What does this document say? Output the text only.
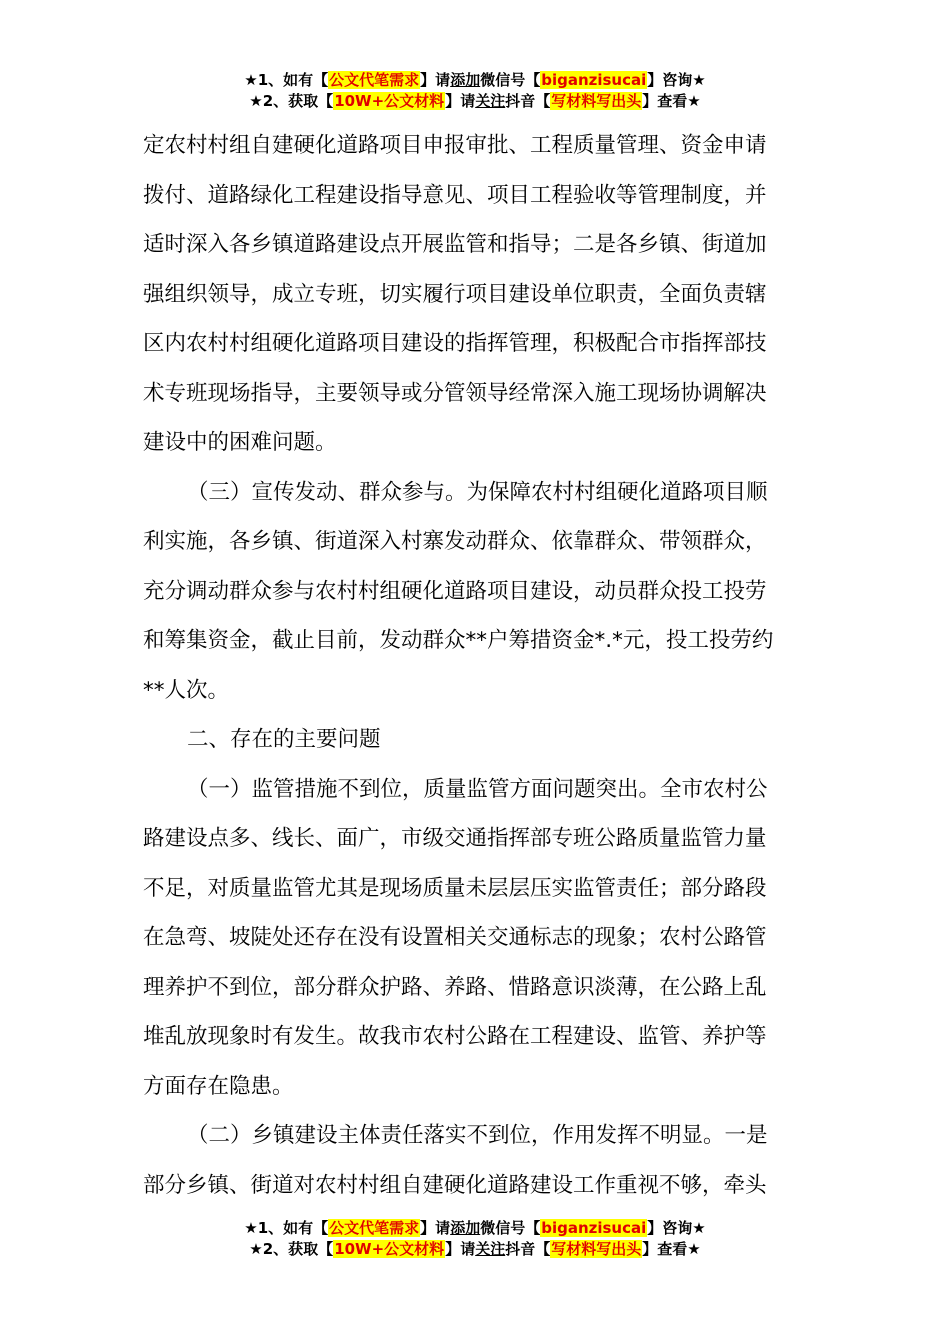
★1、如有【公文代笔需求】请添加微信号【biganzisucai】咨询★
★2、获取【10W+公文材料】请关注抖音【写材料写出头】查看★

定农村村组自建硬化道路项目申报审批、工程质量管理、资金申请
拨付、道路绿化工程建设指导意见、项目工程验收等管理制度，并
适时深入各乡镇道路建设点开展监管和指导；二是各乡镇、街道加
强组织领导，成立专班，切实履行项目建设单位职责，全面负责辖
区内农村村组硬化道路项目建设的指挥管理，积极配合市指挥部技
术专班现场指导，主要领导或分管领导经常深入施工现场协调解决
建设中的困难问题。

（三）宣传发动、群众参与。为保障农村村组硬化道路项目顺
利实施，各乡镇、街道深入村寨发动群众、依靠群众、带领群众，
充分调动群众参与农村村组硬化道路项目建设，动员群众投工投劳
和筹集资金，截止目前，发动群众**户筹措资金*.*元，投工投劳约
**人次。

二、存在的主要问题

（一）监管措施不到位，质量监管方面问题突出。全市农村公
路建设点多、线长、面广，市级交通指挥部专班公路质量监管力量
不足，对质量监管尤其是现场质量未层层压实监管责任；部分路段
在急弯、坡陡处还存在没有设置相关交通标志的现象；农村公路管
理养护不到位，部分群众护路、养路、惜路意识淡薄，在公路上乱
堆乱放现象时有发生。故我市农村公路在工程建设、监管、养护等
方面存在隐患。

（二）乡镇建设主体责任落实不到位，作用发挥不明显。一是
部分乡镇、街道对农村村组自建硬化道路建设工作重视不够，牵头

★1、如有【公文代笔需求】请添加微信号【biganzisucai】咨询★
★2、获取【10W+公文材料】请关注抖音【写材料写出头】查看★
